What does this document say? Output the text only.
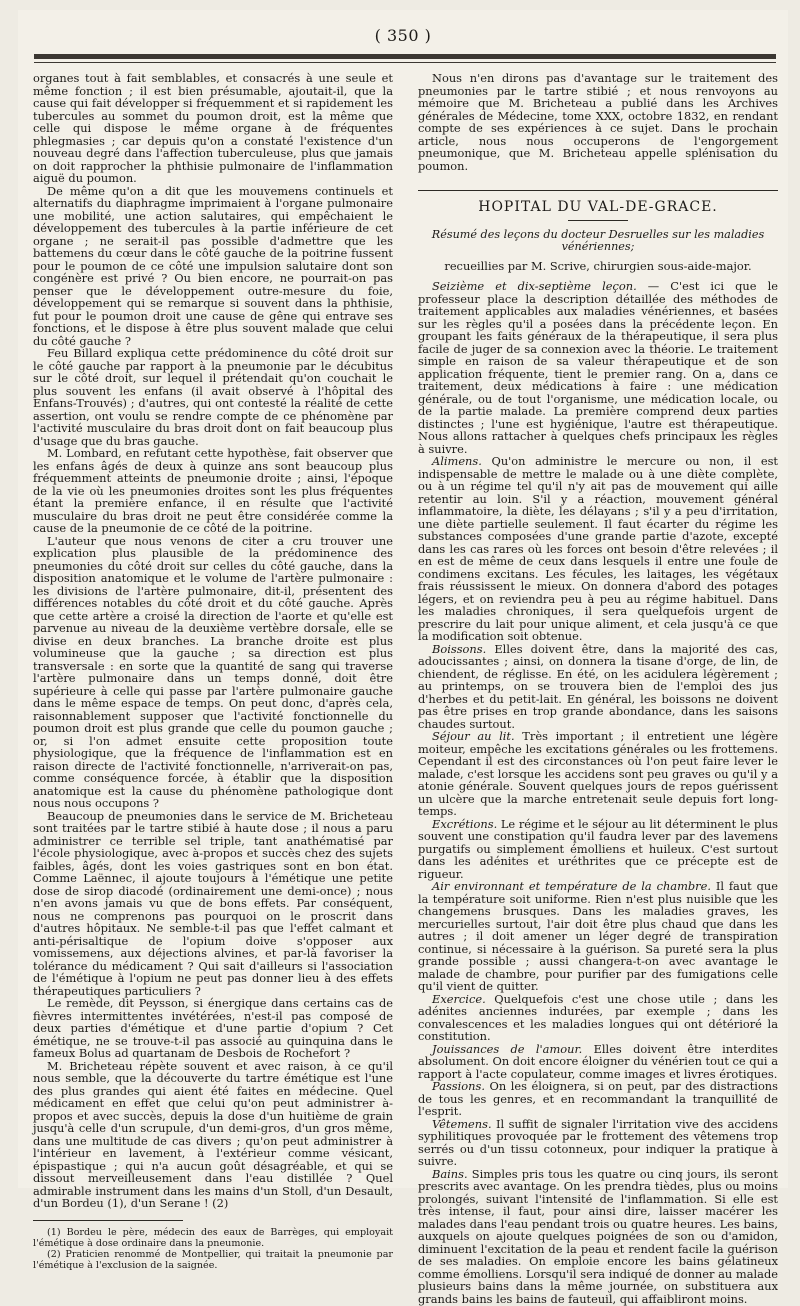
( 350 )

organes tout à fait semblables, et consacrés à une seule et même fonction ; il est bien présumable, ajoutait-il, que la cause qui fait développer si fréquemment et si rapidement les tubercules au sommet du poumon droit, est la même que celle qui dispose le même organe à de fréquentes phlegmasies ; car depuis qu'on a constaté l'existence d'un nouveau degré dans l'affection tuberculeuse, plus que jamais on doit rapprocher la phthisie pulmonaire de l'inflammation aiguë du poumon.

De même qu'on a dit que les mouvemens continuels et alternatifs du diaphragme imprimaient à l'organe pulmonaire une mobilité, une action salutaires, qui empêchaient le développement des tubercules à la partie inférieure de cet organe ; ne serait-il pas possible d'admettre que les battemens du cœur dans le côté gauche de la poitrine fussent pour le poumon de ce côté une impulsion salutaire dont son congénère est privé ? Ou bien encore, ne pourrait-on pas penser que le développement outre-mesure du foie, développement qui se remarque si souvent dans la phthisie, fut pour le poumon droit une cause de gêne qui entrave ses fonctions, et le dispose à être plus souvent malade que celui du côté gauche ?

Feu Billard expliqua cette prédominence du côté droit sur le côté gauche par rapport à la pneumonie par le décubitus sur le côté droit, sur lequel il prétendait qu'on couchait le plus souvent les enfans (il avait observé à l'hôpital des Enfans-Trouvés) ; d'autres, qui ont contesté la réalité de cette assertion, ont voulu se rendre compte de ce phénomène par l'activité musculaire du bras droit dont on fait beaucoup plus d'usage que du bras gauche.

M. Lombard, en refutant cette hypothèse, fait observer que les enfans âgés de deux à quinze ans sont beaucoup plus fréquemment atteints de pneumonie droite ; ainsi, l'époque de la vie où les pneumonies droites sont les plus fréquentes étant la première enfance, il en résulte que l'activité musculaire du bras droit ne peut être considérée comme la cause de la pneumonie de ce côté de la poitrine.

L'auteur que nous venons de citer a cru trouver une explication plus plausible de la prédominence des pneumonies du côté droit sur celles du côté gauche, dans la disposition anatomique et le volume de l'artère pulmonaire : les divisions de l'artère pulmonaire, dit-il, présentent des différences notables du côté droit et du côté gauche. Après que cette artère a croisé la direction de l'aorte et qu'elle est parvenue au niveau de la deuxième vertèbre dorsale, elle se divise en deux branches. La branche droite est plus volumineuse que la gauche ; sa direction est plus transversale : en sorte que la quantité de sang qui traverse l'artère pulmonaire dans un temps donné, doit être supérieure à celle qui passe par l'artère pulmonaire gauche dans le même espace de temps. On peut donc, d'après cela, raisonnablement supposer que l'activité fonctionnelle du poumon droit est plus grande que celle du poumon gauche ; or, si l'on admet ensuite cette proposition toute physiologique, que la fréquence de l'inflammation est en raison directe de l'activité fonctionnelle, n'arriverait-on pas, comme conséquence forcée, à établir que la disposition anatomique est la cause du phénomène pathologique dont nous nous occupons ?

Beaucoup de pneumonies dans le service de M. Bricheteau sont traitées par le tartre stibié à haute dose ; il nous a paru administrer ce terrible sel triple, tant anathématisé par l'école physiologique, avec à-propos et succès chez des sujets faibles, âgés, dont les voies gastriques sont en bon état. Comme Laënnec, il ajoute toujours à l'émétique une petite dose de sirop diacodé (ordinairement une demi-once) ; nous n'en avons jamais vu que de bons effets. Par conséquent, nous ne comprenons pas pourquoi on le proscrit dans d'autres hôpitaux. Ne semble-t-il pas que l'effet calmant et anti-périsaltique de l'opium doive s'opposer aux vomissemens, aux déjections alvines, et par-là favoriser la tolérance du médicament ? Qui sait d'ailleurs si l'association de l'émétique à l'opium ne peut pas donner lieu à des effets thérapeutiques particuliers ?

Le remède, dit Peysson, si énergique dans certains cas de fièvres intermittentes invétérées, n'est-il pas composé de deux parties d'émétique et d'une partie d'opium ? Cet émétique, ne se trouve-t-il pas associé au quinquina dans le fameux Bolus ad quartanam de Desbois de Rochefort ?

M. Bricheteau répète souvent et avec raison, à ce qu'il nous semble, que la découverte du tartre émétique est l'une des plus grandes qui aient été faites en médecine. Quel médicament en effet que celui qu'on peut administrer à-propos et avec succès, depuis la dose d'un huitième de grain jusqu'à celle d'un scrupule, d'un demi-gros, d'un gros même, dans une multitude de cas divers ; qu'on peut administrer à l'intérieur en lavement, à l'extérieur comme vésicant, épispastique ; qui n'a aucun goût désagréable, et qui se dissout merveilleusement dans l'eau distillée ? Quel admirable instrument dans les mains d'un Stoll, d'un Desault, d'un Bordeu (1), d'un Serane ! (2)

(1) Bordeu le père, médecin des eaux de Barrèges, qui employait l'émétique à dose ordinaire dans la pneumonie.

(2) Praticien renommé de Montpellier, qui traitait la pneumonie par l'émétique à l'exclusion de la saignée.

Nous n'en dirons pas d'avantage sur le traitement des pneumonies par le tartre stibié ; et nous renvoyons au mémoire que M. Bricheteau a publié dans les Archives générales de Médecine, tome XXX, octobre 1832, en rendant compte de ses expériences à ce sujet. Dans le prochain article, nous nous occuperons de l'engorgement pneumonique, que M. Bricheteau appelle splénisation du poumon.

HOPITAL DU VAL-DE-GRACE.
Résumé des leçons du docteur Desruelles sur les maladies vénériennes;
recueillies par M. Scrive, chirurgien sous-aide-major.

Seizième et dix-septième leçon. — C'est ici que le professeur place la description détaillée des méthodes de traitement applicables aux maladies vénériennes, et basées sur les règles qu'il a posées dans la précédente leçon. En groupant les faits généraux de la thérapeutique, il sera plus facile de juger de sa connexion avec la théorie. Le traitement simple en raison de sa valeur thérapeutique et de son application fréquente, tient le premier rang. On a, dans ce traitement, deux médications à faire : une médication générale, ou de tout l'organisme, une médication locale, ou de la partie malade. La première comprend deux parties distinctes ; l'une est hygiénique, l'autre est thérapeutique. Nous allons rattacher à quelques chefs principaux les règles à suivre.

Alimens. Qu'on administre le mercure ou non, il est indispensable de mettre le malade ou à une diète complète, ou à un régime tel qu'il n'y ait pas de mouvement qui aille retentir au loin. S'il y a réaction, mouvement général inflammatoire, la diète, les délayans ; s'il y a peu d'irritation, une diète partielle seulement. Il faut écarter du régime les substances composées d'une grande partie d'azote, excepté dans les cas rares où les forces ont besoin d'être relevées ; il en est de même de ceux dans lesquels il entre une foule de condimens excitans. Les fécules, les laitages, les végétaux frais réussissent le mieux. On donnera d'abord des potages légers, et on reviendra peu à peu au régime habituel. Dans les maladies chroniques, il sera quelquefois urgent de prescrire du lait pour unique aliment, et cela jusqu'à ce que la modification soit obtenue.

Boissons. Elles doivent être, dans la majorité des cas, adoucissantes ; ainsi, on donnera la tisane d'orge, de lin, de chiendent, de réglisse. En été, on les acidulera légèrement ; au printemps, on se trouvera bien de l'emploi des jus d'herbes et du petit-lait. En général, les boissons ne doivent pas être prises en trop grande abondance, dans les saisons chaudes surtout.

Séjour au lit. Très important ; il entretient une légère moiteur, empêche les excitations générales ou les frottemens. Cependant il est des circonstances où l'on peut faire lever le malade, c'est lorsque les accidens sont peu graves ou qu'il y a atonie générale. Souvent quelques jours de repos guérissent un ulcère que la marche entretenait seule depuis fort long-temps.

Excrétions. Le régime et le séjour au lit déterminent le plus souvent une constipation qu'il faudra lever par des lavemens purgatifs ou simplement émolliens et huileux. C'est surtout dans les adénites et uréthrites que ce précepte est de rigueur.

Air environnant et température de la chambre. Il faut que la température soit uniforme. Rien n'est plus nuisible que les changemens brusques. Dans les maladies graves, les mercurielles surtout, l'air doit être plus chaud que dans les autres ; il doit amener un léger degré de transpiration continue, si nécessaire à la guérison. Sa pureté sera la plus grande possible ; aussi changera-t-on avec avantage le malade de chambre, pour purifier par des fumigations celle qu'il vient de quitter.

Exercice. Quelquefois c'est une chose utile ; dans les adénites anciennes indurées, par exemple ; dans les convalescences et les maladies longues qui ont détérioré la constitution.

Jouissances de l'amour. Elles doivent être interdites absolument. On doit encore éloigner du vénérien tout ce qui a rapport à l'acte copulateur, comme images et livres érotiques.

Passions. On les éloignera, si on peut, par des distractions de tous les genres, et en recommandant la tranquillité de l'esprit.

Vêtemens. Il suffit de signaler l'irritation vive des accidens syphilitiques provoquée par le frottement des vêtemens trop serrés ou d'un tissu cotonneux, pour indiquer la pratique à suivre.

Bains. Simples pris tous les quatre ou cinq jours, ils seront prescrits avec avantage. On les prendra tièdes, plus ou moins prolongés, suivant l'intensité de l'inflammation. Si elle est très intense, il faut, pour ainsi dire, laisser macérer les malades dans l'eau pendant trois ou quatre heures. Les bains, auxquels on ajoute quelques poignées de son ou d'amidon, diminuent l'excitation de la peau et rendent facile la guérison de ses maladies. On emploie encore les bains gélatineux comme émolliens. Lorsqu'il sera indiqué de donner au malade plusieurs bains dans la même journée, on substituera aux grands bains les bains de fauteuil, qui affaibliront moins.
